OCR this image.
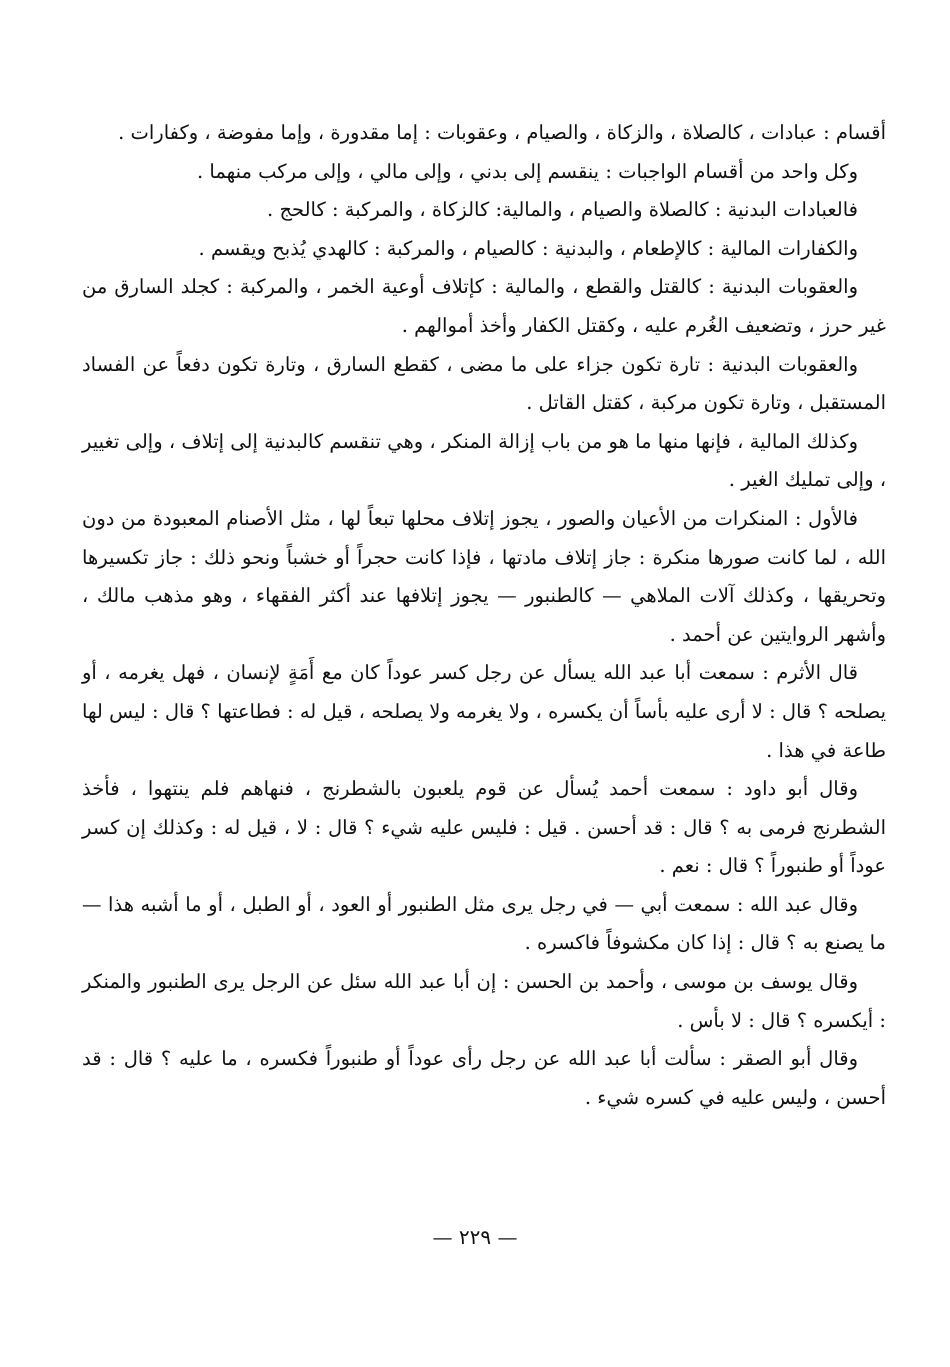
أقسام : عبادات ، كالصلاة ، والزكاة ، والصيام ، وعقوبات : إما مقدورة ، وإما مفوضة ، وكفارات .

وكل واحد من أقسام الواجبات : ينقسم إلى بدني ، وإلى مالي ، وإلى مركب منهما .

فالعبادات البدنية : كالصلاة والصيام ، والمالية: كالزكاة ، والمركبة : كالحج .

والكفارات المالية : كالإطعام ، والبدنية : كالصيام ، والمركبة : كالهدي يُذبح ويقسم .

والعقوبات البدنية : كالقتل والقطع ، والمالية : كإتلاف أوعية الخمر ، والمركبة : كجلد السارق من غير حرز ، وتضعيف الغُرم عليه ، وكقتل الكفار وأخذ أموالهم .

والعقوبات البدنية : تارة تكون جزاء على ما مضى ، كقطع السارق ، وتارة تكون دفعاً عن الفساد المستقبل ، وتارة تكون مركبة ، كقتل القاتل .

وكذلك المالية ، فإنها منها ما هو من باب إزالة المنكر ، وهي تنقسم كالبدنية إلى إتلاف ، وإلى تغيير ، وإلى تمليك الغير .

فالأول : المنكرات من الأعيان والصور ، يجوز إتلاف محلها تبعاً لها ، مثل الأصنام المعبودة من دون الله ، لما كانت صورها منكرة : جاز إتلاف مادتها ، فإذا كانت حجراً أو خشباً ونحو ذلك : جاز تكسيرها وتحريقها ، وكذلك آلات الملاهي — كالطنبور — يجوز إتلافها عند أكثر الفقهاء ، وهو مذهب مالك ، وأشهر الروايتين عن أحمد .

قال الأثرم : سمعت أبا عبد الله يسأل عن رجل كسر عوداً كان مع أَمَةٍ لإنسان ، فهل يغرمه ، أو يصلحه ؟ قال : لا أرى عليه بأساً أن يكسره ، ولا يغرمه ولا يصلحه ، قيل له : فطاعتها ؟ قال : ليس لها طاعة في هذا .

وقال أبو داود : سمعت أحمد يُسأل عن قوم يلعبون بالشطرنج ، فنهاهم فلم ينتهوا ، فأخذ الشطرنج فرمى به ؟ قال : قد أحسن . قيل : فليس عليه شيء ؟ قال : لا ، قيل له : وكذلك إن كسر عوداً أو طنبوراً ؟ قال : نعم .

وقال عبد الله : سمعت أبي — في رجل يرى مثل الطنبور أو العود ، أو الطبل ، أو ما أشبه هذا — ما يصنع به ؟ قال : إذا كان مكشوفاً فاكسره .

وقال يوسف بن موسى ، وأحمد بن الحسن : إن أبا عبد الله سئل عن الرجل يرى الطنبور والمنكر : أيكسره ؟ قال : لا بأس .

وقال أبو الصقر : سألت أبا عبد الله عن رجل رأى عوداً أو طنبوراً فكسره ، ما عليه ؟ قال : قد أحسن ، وليس عليه في كسره شيء .

— ٢٢٩ —
